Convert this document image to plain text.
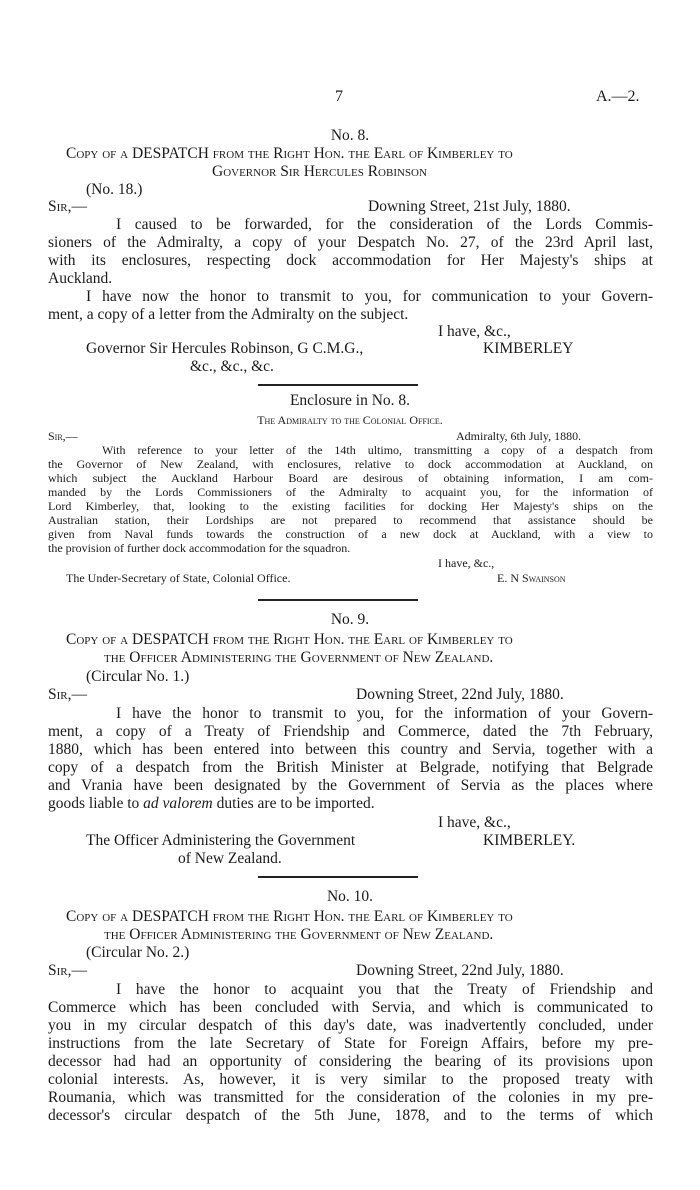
7	A.—2.
No. 8.
Copy of a DESPATCH from the Right Hon. the Earl of Kimberley to
Governor Sir Hercules Robinson
(No. 18.)
Sir,—	Downing Street, 21st July, 1880.
I caused to be forwarded, for the consideration of the Lords Commis-
sioners of the Admiralty, a copy of your Despatch No. 27, of the 23rd April last,
with its enclosures, respecting dock accommodation for Her Majesty's ships at
Auckland.
I have now the honor to transmit to you, for communication to your Govern-
ment, a copy of a letter from the Admiralty on the subject.
I have, &c.,
Governor Sir Hercules Robinson, G C.M.G.,	KIMBERLEY
&c., &c., &c.
Enclosure in No. 8.
The Admiralty to the Colonial Office.
Sir,—	Admiralty, 6th July, 1880.
With reference to your letter of the 14th ultimo, transmitting a copy of a despatch from
the Governor of New Zealand, with enclosures, relative to dock accommodation at Auckland, on
which subject the Auckland Harbour Board are desirous of obtaining information, I am com-
manded by the Lords Commissioners of the Admiralty to acquaint you, for the information of
Lord Kimberley, that, looking to the existing facilities for docking Her Majesty's ships on the
Australian station, their Lordships are not prepared to recommend that assistance should be
given from Naval funds towards the construction of a new dock at Auckland, with a view to
the provision of further dock accommodation for the squadron.
I have, &c.,
The Under-Secretary of State, Colonial Office.	E. N Swainson
No. 9.
Copy of a DESPATCH from the Right Hon. the Earl of Kimberley to
the Officer Administering the Government of New Zealand.
(Circular No. 1.)
Sir,—	Downing Street, 22nd July, 1880.
I have the honor to transmit to you, for the information of your Govern-
ment, a copy of a Treaty of Friendship and Commerce, dated the 7th February,
1880, which has been entered into between this country and Servia, together with a
copy of a despatch from the British Minister at Belgrade, notifying that Belgrade
and Vrania have been designated by the Government of Servia as the places where
goods liable to ad valorem duties are to be imported.
I have, &c.,
The Officer Administering the Government	KIMBERLEY.
of New Zealand.
No. 10.
Copy of a DESPATCH from the Right Hon. the Earl of Kimberley to
the Officer Administering the Government of New Zealand.
(Circular No. 2.)
Sir,—	Downing Street, 22nd July, 1880.
I have the honor to acquaint you that the Treaty of Friendship and
Commerce which has been concluded with Servia, and which is communicated to
you in my circular despatch of this day's date, was inadvertently concluded, under
instructions from the late Secretary of State for Foreign Affairs, before my pre-
decessor had had an opportunity of considering the bearing of its provisions upon
colonial interests. As, however, it is very similar to the proposed treaty with
Roumania, which was transmitted for the consideration of the colonies in my pre-
decessor's circular despatch of the 5th June, 1878, and to the terms of which
